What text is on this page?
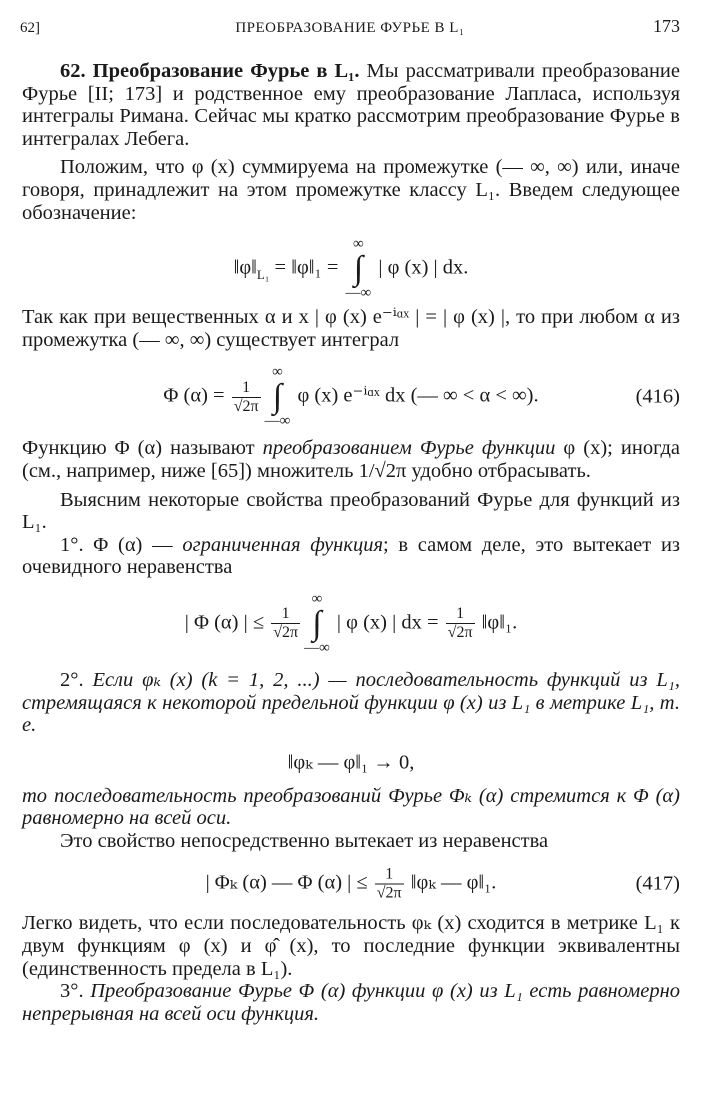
62]	ПРЕОБРАЗОВАНИЕ ФУРЬЕ В L₁	173

62. Преобразование Фурье в L₁. Мы рассматривали преобразование Фурье [II; 173] и родственное ему преобразование Лапласа, используя интегралы Римана. Сейчас мы кратко рассмотрим преобразование Фурье в интегралах Лебега.

Положим, что φ (x) суммируема на промежутке (— ∞, ∞) или, иначе говоря, принадлежит на этом промежутке классу L₁. Введем следующее обозначение:

$‖\varphi‖_{L_1}$ = ‖φ‖₁ =
∞
∫
—∞
| φ (x) | dx.

Так как при вещественных α и x | φ (x) e⁻ⁱᵅˣ | = | φ (x) |, то при любом α из промежутка (— ∞, ∞) существует интеграл

Φ $(\alpha) = \frac{1}{√2\pi}$
∞
∫
—∞
φ (x) e⁻ⁱᵅˣ dx (— ∞ < α < ∞).	(416)

Функцию Φ (α) называют преобразованием Фурье функции φ (x); иногда (см., например, ниже [65]) множитель 1/√2π удобно отбрасывать.

Выясним некоторые свойства преобразований Фурье для функций из L₁.

1°. Φ (α) — ограниченная функция; в самом деле, это вытекает из очевидного неравенства

| Φ (α) | ≤ $\frac{1}{√2\pi}$
∞
∫
—∞
| φ (x) | dx = $\frac{1}{√2\pi}$ ‖φ‖₁.

2°. Если φₖ (x) (k = 1, 2, ...) — последовательность функций из L₁, стремящаяся к некоторой предельной функции φ (x) из L₁ в метрике L₁, т. е.

‖φₖ — φ‖₁ → 0,

то последовательность преобразований Фурье Φₖ (α) стремится к Φ (α) равномерно на всей оси.

Это свойство непосредственно вытекает из неравенства

| Φₖ (α) — Φ (α) | ≤ $\frac{1}{√2\pi}$ ‖φₖ — φ‖₁.	(417)

Легко видеть, что если последовательность φₖ (x) сходится в метрике L₁ к двум функциям φ (x) и φ̂ (x), то последние функции эквивалентны (единственность предела в L₁).

3°. Преобразование Фурье Φ (α) функции φ (x) из L₁ есть равномерно непрерывная на всей оси функция.
